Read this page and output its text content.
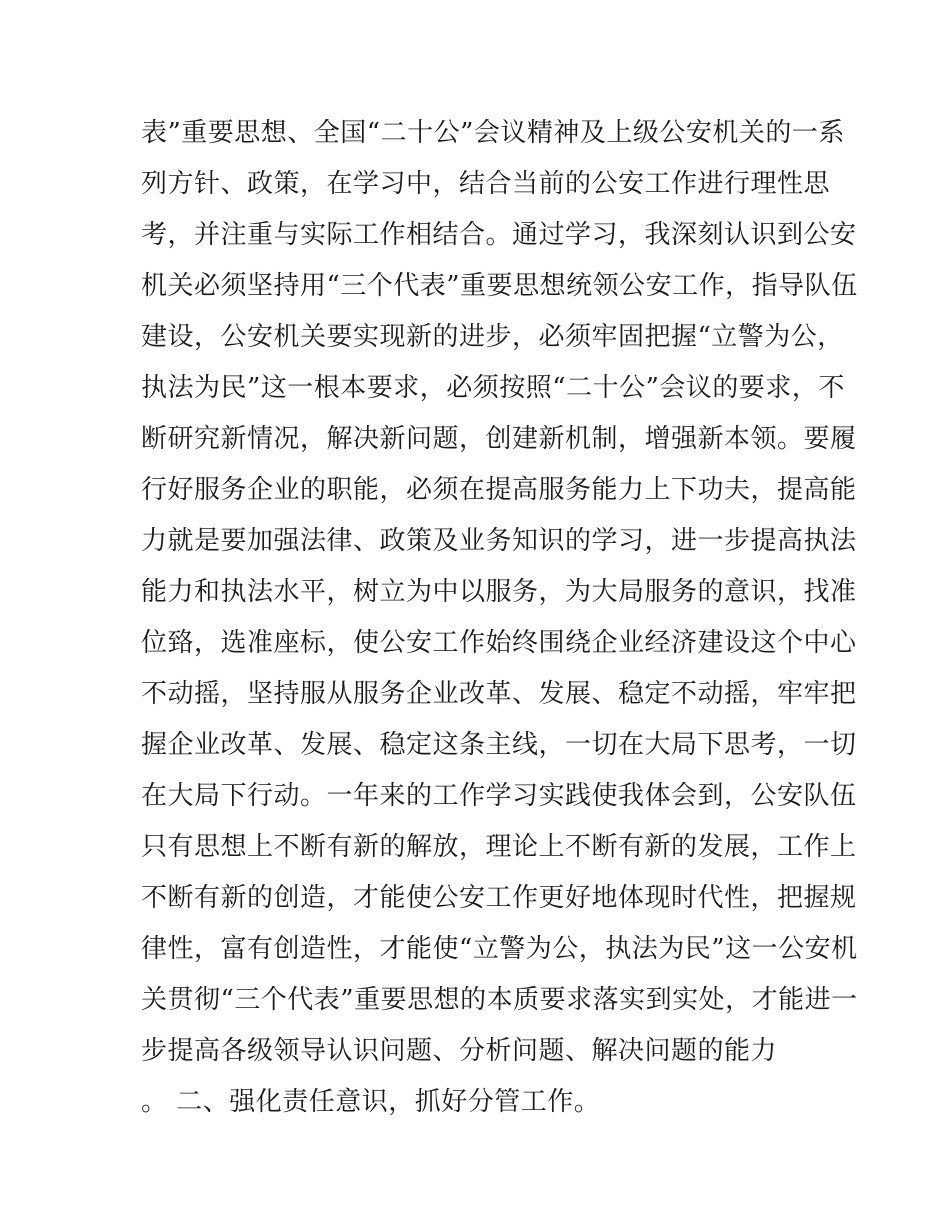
表”重要思想、全国“二十公”会议精神及上级公安机关的一系
列方针、政策，在学习中，结合当前的公安工作进行理性思
考，并注重与实际工作相结合。通过学习，我深刻认识到公安
机关必须坚持用“三个代表”重要思想统领公安工作，指导队伍
建设，公安机关要实现新的进步，必须牢固把握“立警为公，
执法为民”这一根本要求，必须按照“二十公”会议的要求，不
断研究新情况，解决新问题，创建新机制，增强新本领。要履
行好服务企业的职能，必须在提高服务能力上下功夫，提高能
力就是要加强法律、政策及业务知识的学习，进一步提高执法
能力和执法水平，树立为中以服务，为大局服务的意识，找准
位臵，选准座标，使公安工作始终围绕企业经济建设这个中心
不动摇，坚持服从服务企业改革、发展、稳定不动摇，牢牢把
握企业改革、发展、稳定这条主线，一切在大局下思考，一切
在大局下行动。一年来的工作学习实践使我体会到，公安队伍
只有思想上不断有新的解放，理论上不断有新的发展，工作上
不断有新的创造，才能使公安工作更好地体现时代性，把握规
律性，富有创造性，才能使“立警为公，执法为民”这一公安机
关贯彻“三个代表”重要思想的本质要求落实到实处，才能进一
步提高各级领导认识问题、分析问题、解决问题的能力
。 二、强化责任意识，抓好分管工作。
